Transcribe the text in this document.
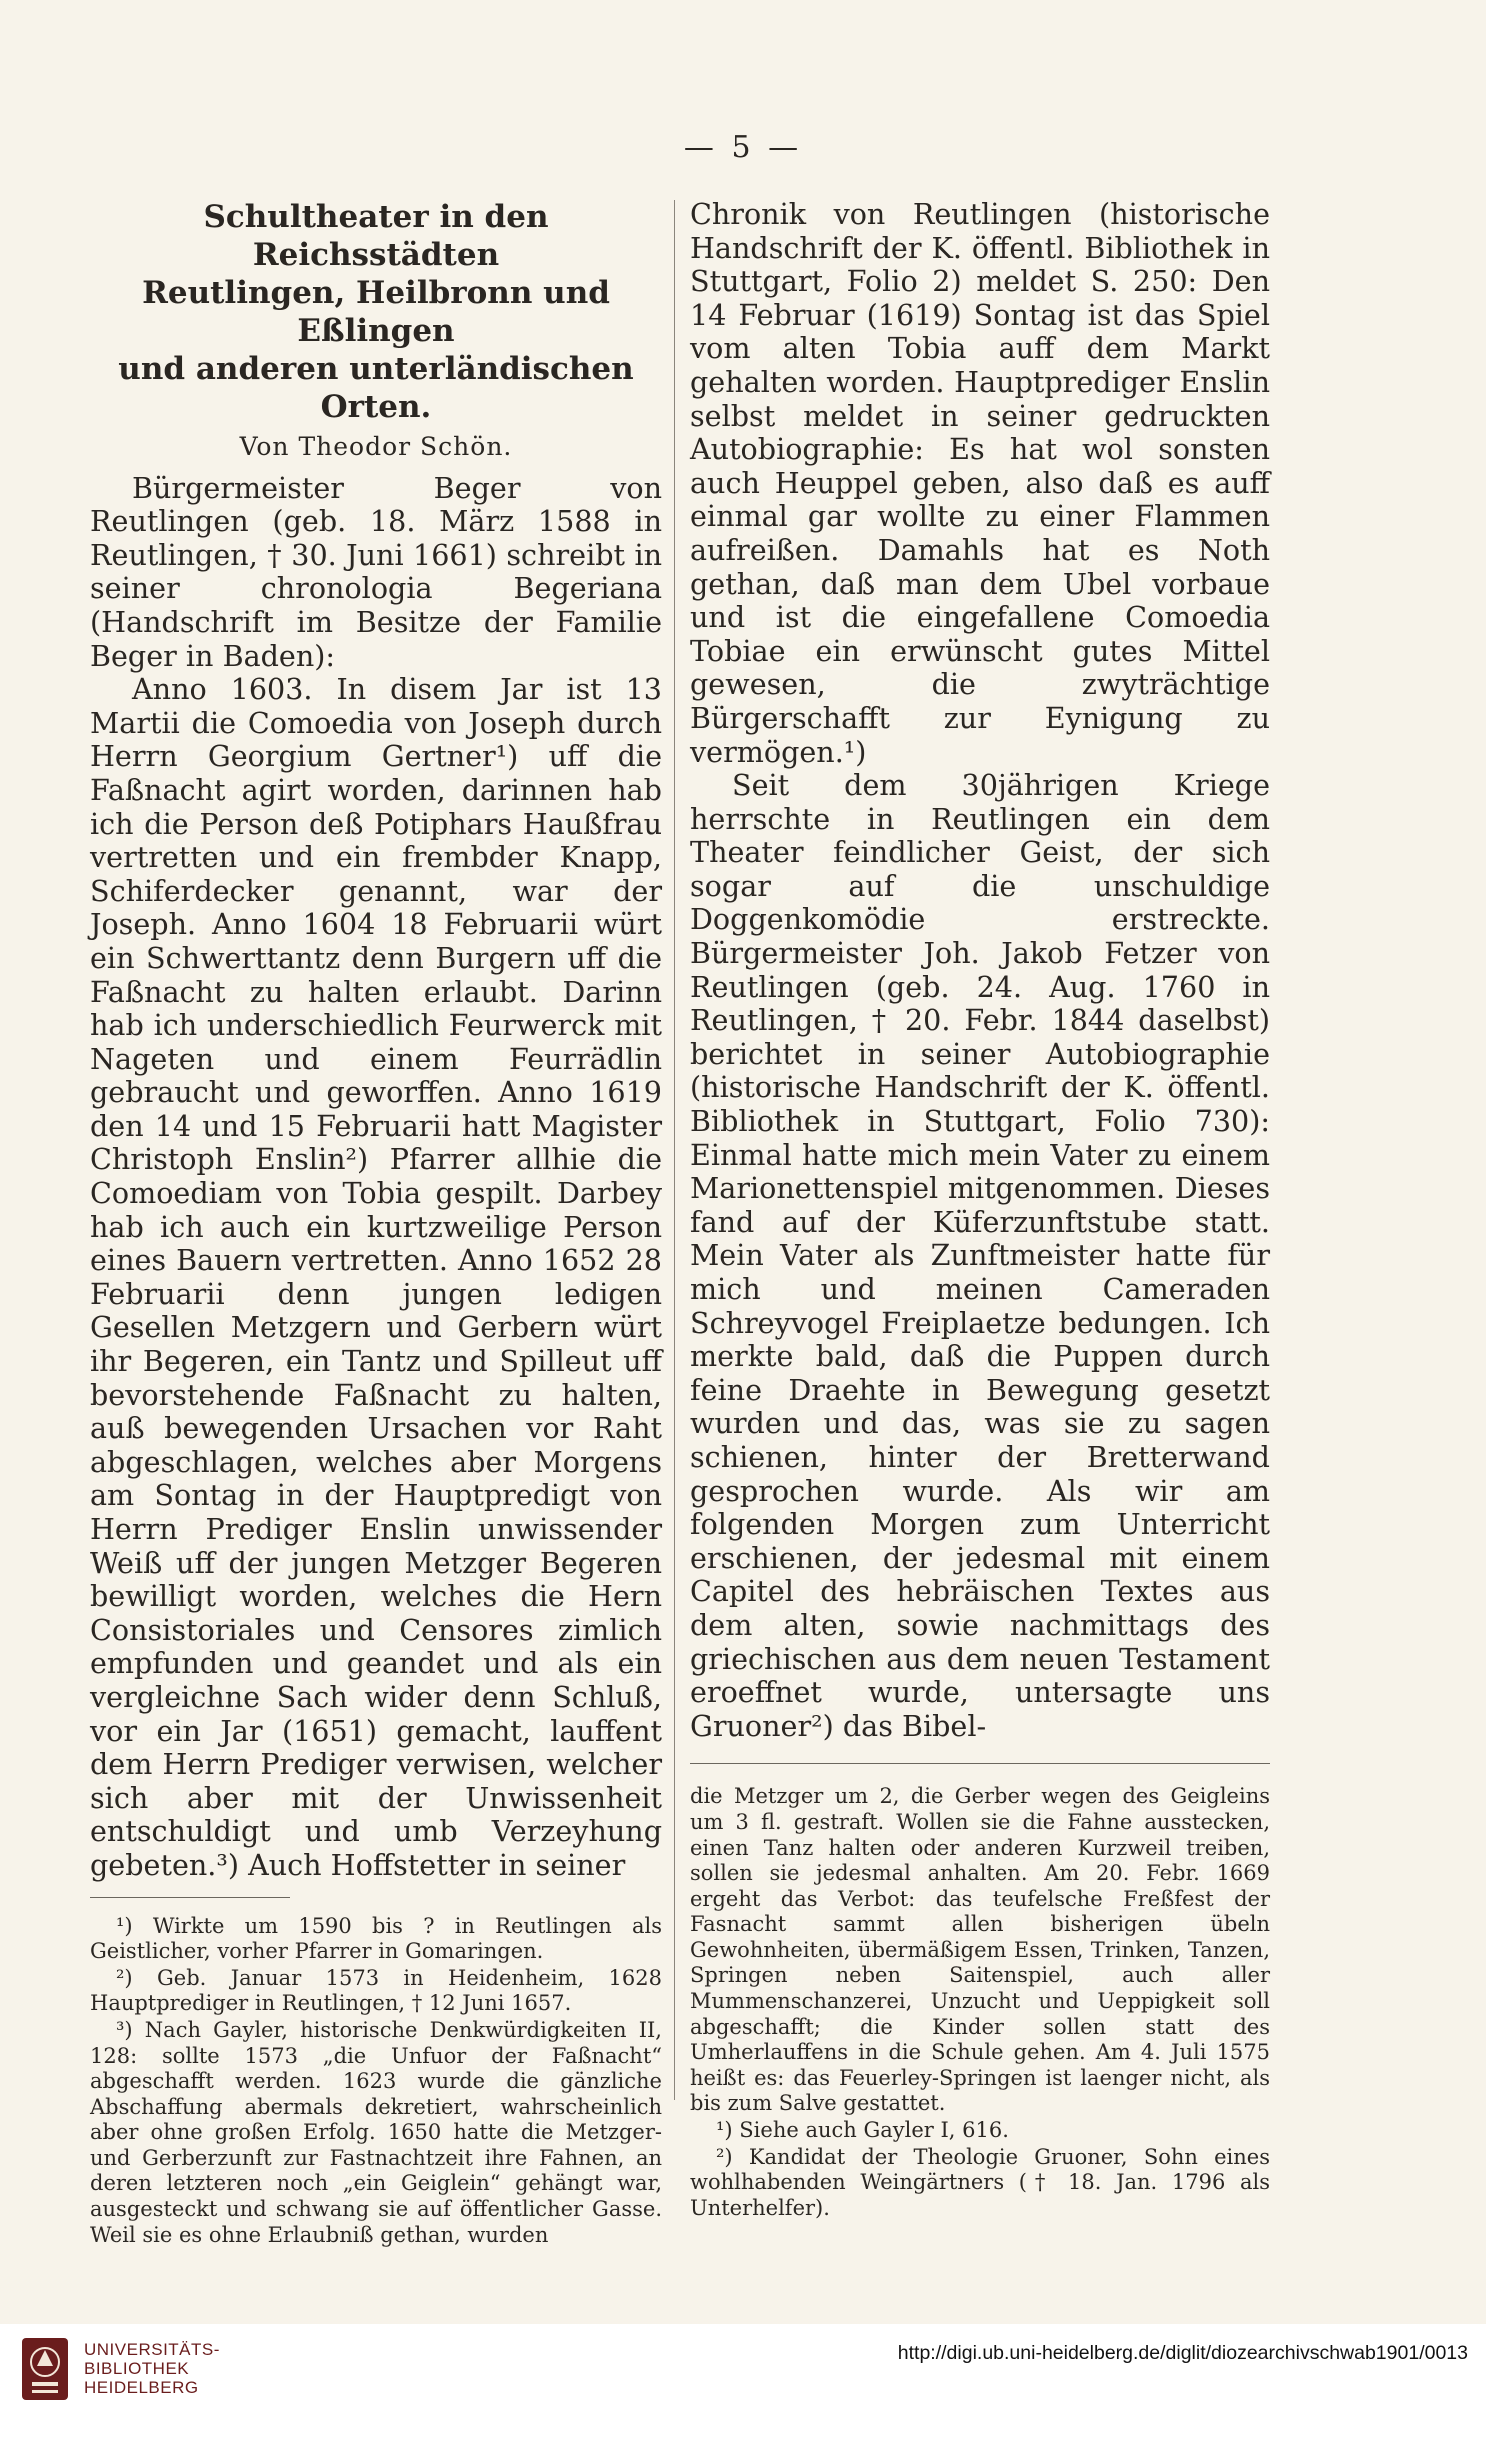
— 5 —
Schultheater in den Reichsstädten
Reutlingen, Heilbronn und Eßlingen
und anderen unterländischen Orten.
Von Theodor Schön.

Bürgermeister Beger von Reutlingen (geb. 18. März 1588 in Reutlingen, † 30. Juni 1661) schreibt in seiner chronologia Begeriana (Handschrift im Besitze der Familie Beger in Baden):

Anno 1603. In disem Jar ist 13 Martii die Comoedia von Joseph durch Herrn Georgium Gertner¹) uff die Faßnacht agirt worden, darinnen hab ich die Person deß Potiphars Haußfrau vertretten und ein frembder Knapp, Schiferdecker genannt, war der Joseph. Anno 1604 18 Februarii würt ein Schwerttantz denn Burgern uff die Faßnacht zu halten erlaubt. Darinn hab ich underschiedlich Feurwerck mit Nageten und einem Feurrädlin gebraucht und geworffen. Anno 1619 den 14 und 15 Februarii hatt Magister Christoph Enslin²) Pfarrer allhie die Comoediam von Tobia gespilt. Darbey hab ich auch ein kurtzweilige Person eines Bauern vertretten. Anno 1652 28 Februarii denn jungen ledigen Gesellen Metzgern und Gerbern würt ihr Begeren, ein Tantz und Spilleut uff bevorstehende Faßnacht zu halten, auß bewegenden Ursachen vor Raht abgeschlagen, welches aber Morgens am Sontag in der Hauptpredigt von Herrn Prediger Enslin unwissender Weiß uff der jungen Metzger Begeren bewilligt worden, welches die Hern Consistoriales und Censores zimlich empfunden und geandet und als ein vergleichne Sach wider denn Schluß, vor ein Jar (1651) gemacht, lauffent dem Herrn Prediger verwisen, welcher sich aber mit der Unwissenheit entschuldigt und umb Verzeyhung gebeten.³) Auch Hoffstetter in seiner

¹) Wirkte um 1590 bis ? in Reutlingen als Geistlicher, vorher Pfarrer in Gomaringen.

²) Geb. Januar 1573 in Heidenheim, 1628 Hauptprediger in Reutlingen, † 12 Juni 1657.

³) Nach Gayler, historische Denkwürdigkeiten II, 128: sollte 1573 „die Unfuor der Faßnacht“ abgeschafft werden. 1623 wurde die gänzliche Abschaffung abermals dekretiert, wahrscheinlich aber ohne großen Erfolg. 1650 hatte die Metzger- und Gerberzunft zur Fastnachtzeit ihre Fahnen, an deren letzteren noch „ein Geiglein“ gehängt war, ausgesteckt und schwang sie auf öffentlicher Gasse. Weil sie es ohne Erlaubniß gethan, wurden

Chronik von Reutlingen (historische Handschrift der K. öffentl. Bibliothek in Stuttgart, Folio 2) meldet S. 250: Den 14 Februar (1619) Sontag ist das Spiel vom alten Tobia auff dem Markt gehalten worden. Hauptprediger Enslin selbst meldet in seiner gedruckten Autobiographie: Es hat wol sonsten auch Heuppel geben, also daß es auff einmal gar wollte zu einer Flammen aufreißen. Damahls hat es Noth gethan, daß man dem Ubel vorbaue und ist die eingefallene Comoedia Tobiae ein erwünscht gutes Mittel gewesen, die zwyträchtige Bürgerschafft zur Eynigung zu vermögen.¹)

Seit dem 30jährigen Kriege herrschte in Reutlingen ein dem Theater feindlicher Geist, der sich sogar auf die unschuldige Doggenkomödie erstreckte. Bürgermeister Joh. Jakob Fetzer von Reutlingen (geb. 24. Aug. 1760 in Reutlingen, † 20. Febr. 1844 daselbst) berichtet in seiner Autobiographie (historische Handschrift der K. öffentl. Bibliothek in Stuttgart, Folio 730): Einmal hatte mich mein Vater zu einem Marionettenspiel mitgenommen. Dieses fand auf der Küferzunftstube statt. Mein Vater als Zunftmeister hatte für mich und meinen Cameraden Schreyvogel Freiplaetze bedungen. Ich merkte bald, daß die Puppen durch feine Draehte in Bewegung gesetzt wurden und das, was sie zu sagen schienen, hinter der Bretterwand gesprochen wurde. Als wir am folgenden Morgen zum Unterricht erschienen, der jedesmal mit einem Capitel des hebräischen Textes aus dem alten, sowie nachmittags des griechischen aus dem neuen Testament eroeffnet wurde, untersagte uns Gruoner²) das Bibel-

die Metzger um 2, die Gerber wegen des Geigleins um 3 fl. gestraft. Wollen sie die Fahne ausstecken, einen Tanz halten oder anderen Kurzweil treiben, sollen sie jedesmal anhalten. Am 20. Febr. 1669 ergeht das Verbot: das teufelsche Freßfest der Fasnacht sammt allen bisherigen übeln Gewohnheiten, übermäßigem Essen, Trinken, Tanzen, Springen neben Saitenspiel, auch aller Mummenschanzerei, Unzucht und Ueppigkeit soll abgeschafft; die Kinder sollen statt des Umherlauffens in die Schule gehen. Am 4. Juli 1575 heißt es: das Feuerley-Springen ist laenger nicht, als bis zum Salve gestattet.

¹) Siehe auch Gayler I, 616.

²) Kandidat der Theologie Gruoner, Sohn eines wohlhabenden Weingärtners († 18. Jan. 1796 als Unterhelfer).

UNIVERSITÄTS-
BIBLIOTHEK
HEIDELBERG
http://digi.ub.uni-heidelberg.de/diglit/diozearchivschwab1901/0013
